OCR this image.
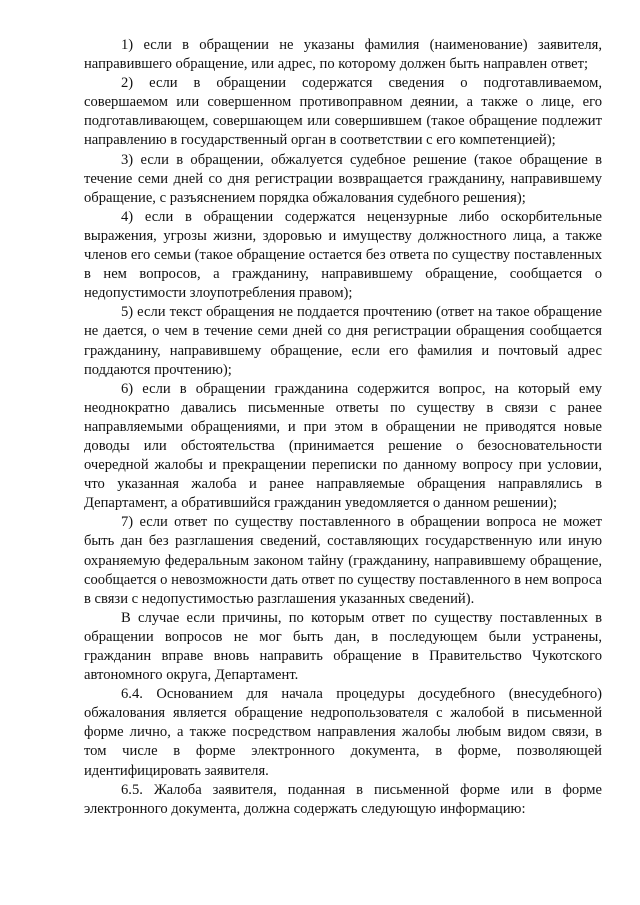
1) если в обращении не указаны фамилия (наименование) заявителя, направившего обращение, или адрес, по которому должен быть направлен ответ;

2) если в обращении содержатся сведения о подготавливаемом, совершаемом или совершенном противоправном деянии, а также о лице, его подготавливающем, совершающем или совершившем (такое обращение подлежит направлению в государственный орган в соответствии с его компетенцией);

3) если в обращении, обжалуется судебное решение (такое обращение в течение семи дней со дня регистрации возвращается гражданину, направившему обращение, с разъяснением порядка обжалования судебного решения);

4) если в обращении содержатся нецензурные либо оскорбительные выражения, угрозы жизни, здоровью и имуществу должностного лица, а также членов его семьи (такое обращение остается без ответа по существу поставленных в нем вопросов, а гражданину, направившему обращение, сообщается о недопустимости злоупотребления правом);

5) если текст обращения не поддается прочтению (ответ на такое обращение не дается, о чем в течение семи дней со дня регистрации обращения сообщается гражданину, направившему обращение, если его фамилия и почтовый адрес поддаются прочтению);

6) если в обращении гражданина содержится вопрос, на который ему неоднократно давались письменные ответы по существу в связи с ранее направляемыми обращениями, и при этом в обращении не приводятся новые доводы или обстоятельства (принимается решение о безосновательности очередной жалобы и прекращении переписки по данному вопросу при условии, что указанная жалоба и ранее направляемые обращения направлялись в Департамент, а обратившийся гражданин уведомляется о данном решении);

7) если ответ по существу поставленного в обращении вопроса не может быть дан без разглашения сведений, составляющих государственную или иную охраняемую федеральным законом тайну (гражданину, направившему обращение, сообщается о невозможности дать ответ по существу поставленного в нем вопроса в связи с недопустимостью разглашения указанных сведений).

В случае если причины, по которым ответ по существу поставленных в обращении вопросов не мог быть дан, в последующем были устранены, гражданин вправе вновь направить обращение в Правительство Чукотского автономного округа, Департамент.

6.4. Основанием для начала процедуры досудебного (внесудебного) обжалования является обращение недропользователя с жалобой в письменной форме лично, а также посредством направления жалобы любым видом связи, в том числе в форме электронного документа, в форме, позволяющей идентифицировать заявителя.

6.5. Жалоба заявителя, поданная в письменной форме или в форме электронного документа, должна содержать следующую информацию:
